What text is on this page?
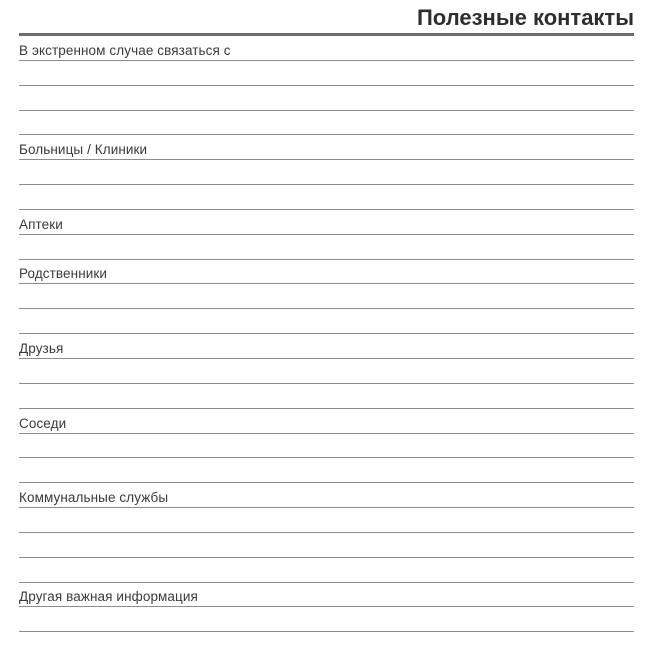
Полезные контакты
В экстренном случае связаться с
Больницы / Клиники
Аптеки
Родственники
Друзья
Соседи
Коммунальные службы
Другая важная информация
